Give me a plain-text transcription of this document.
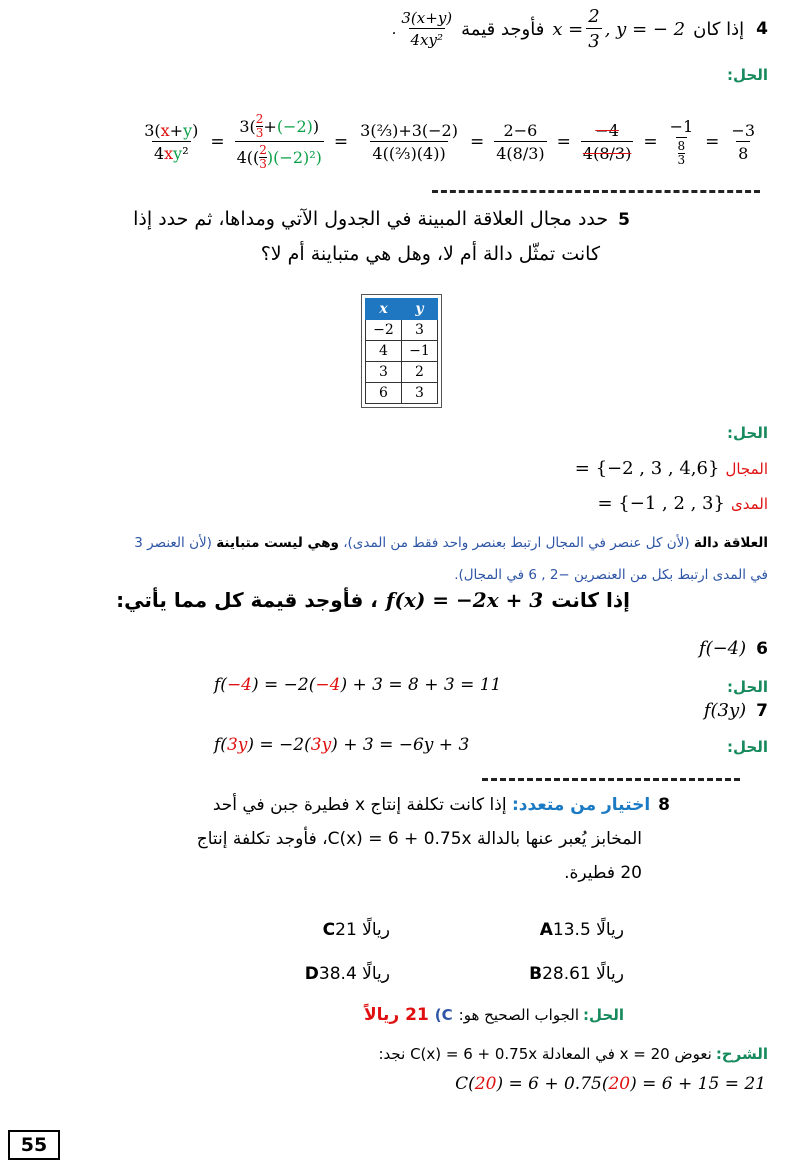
4
إذا كان
$x = \frac{2}{3}$ , y = − 2
فأوجد قيمة
. $\frac{3(x+y)}{\text{4xy²}}$
الحل:
$\frac{3(x+y)}{\text{4xy²}} = 3$( 2
3 + (−2) )
4(( 2
3 )$(-2)^2) = \frac{\text{3(⅔)+3(−2)}}{\text{4((⅔)(4))}} = \frac{2-6}{4(8/3)} = \frac{-4}{4(8/3)} = \frac{-1}{\frac{8}{3}} = \frac{-3}{8}$
5حدد مجال العلاقة المبينة في الجدول الآتي ومداها، ثم حدد إذا
كانت تمثّل دالة أم لا، وهل هي متباينة أم لا؟
x	y
−2	3
4	−1
3	2
6	3
الحل:
المجال
= {−2 , 3 , 4,6}
المدى
= {−1 , 2 , 3}
العلاقة دالة (لأن كل عنصر في المجال ارتبط بعنصر واحد فقط من المدى)، وهي ليست متباينة (لأن العنصر 3
في المدى ارتبط بكل من العنصرين −2 , 6 في المجال).
إذا كانت
f(x) = −2x + 3
، فأوجد قيمة كل مما يأتي:
f(−4) 6
الحل:
f(−4) = −2(−4) + 3 = 8 + 3 = 11
f(3y) 7
الحل:
f(3y) = −2(3y) + 3 = −6y + 3
8اختيار من متعدد: إذا كانت تكلفة إنتاج x فطيرة جبن في أحد
المخابز يُعبر عنها بالدالة C(x) = 6 + 0.75x، فأوجد تكلفة إنتاج
20 فطيرة.
A13.5 ريالًا
C21 ريالًا
B28.61 ريالًا
D38.4 ريالًا
الحل:
الجواب الصحيح هو:
C)
21 ريالاً
الشرح:
نعوض x = 20 في المعادلة C(x) = 6 + 0.75x نجد:
C(20) = 6 + 0.75(20) = 6 + 15 = 21
55
